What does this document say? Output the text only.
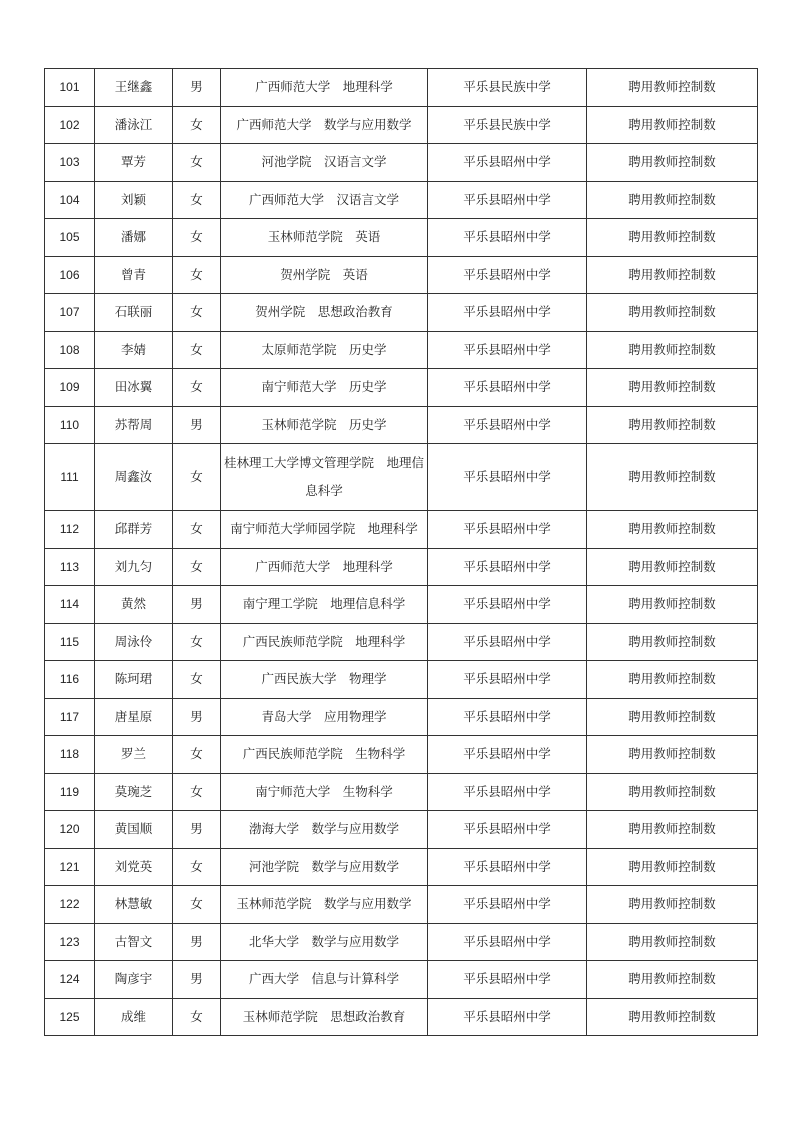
101	王继鑫	男	广西师范大学　地理科学	平乐县民族中学	聘用教师控制数
102	潘泳江	女	广西师范大学　数学与应用数学	平乐县民族中学	聘用教师控制数
103	覃芳	女	河池学院　汉语言文学	平乐县昭州中学	聘用教师控制数
104	刘颖	女	广西师范大学　汉语言文学	平乐县昭州中学	聘用教师控制数
105	潘娜	女	玉林师范学院　英语	平乐县昭州中学	聘用教师控制数
106	曾青	女	贺州学院　英语	平乐县昭州中学	聘用教师控制数
107	石联丽	女	贺州学院　思想政治教育	平乐县昭州中学	聘用教师控制数
108	李婧	女	太原师范学院　历史学	平乐县昭州中学	聘用教师控制数
109	田冰翼	女	南宁师范大学　历史学	平乐县昭州中学	聘用教师控制数
110	苏帮周	男	玉林师范学院　历史学	平乐县昭州中学	聘用教师控制数
111	周鑫汝	女	桂林理工大学博文管理学院　地理信息科学	平乐县昭州中学	聘用教师控制数
112	邱群芳	女	南宁师范大学师园学院　地理科学	平乐县昭州中学	聘用教师控制数
113	刘九匀	女	广西师范大学　地理科学	平乐县昭州中学	聘用教师控制数
114	黄然	男	南宁理工学院　地理信息科学	平乐县昭州中学	聘用教师控制数
115	周泳伶	女	广西民族师范学院　地理科学	平乐县昭州中学	聘用教师控制数
116	陈珂珺	女	广西民族大学　物理学	平乐县昭州中学	聘用教师控制数
117	唐星原	男	青岛大学　应用物理学	平乐县昭州中学	聘用教师控制数
118	罗兰	女	广西民族师范学院　生物科学	平乐县昭州中学	聘用教师控制数
119	莫琬芝	女	南宁师范大学　生物科学	平乐县昭州中学	聘用教师控制数
120	黄国顺	男	渤海大学　数学与应用数学	平乐县昭州中学	聘用教师控制数
121	刘党英	女	河池学院　数学与应用数学	平乐县昭州中学	聘用教师控制数
122	林慧敏	女	玉林师范学院　数学与应用数学	平乐县昭州中学	聘用教师控制数
123	古智文	男	北华大学　数学与应用数学	平乐县昭州中学	聘用教师控制数
124	陶彦宇	男	广西大学　信息与计算科学	平乐县昭州中学	聘用教师控制数
125	成维	女	玉林师范学院　思想政治教育	平乐县昭州中学	聘用教师控制数
